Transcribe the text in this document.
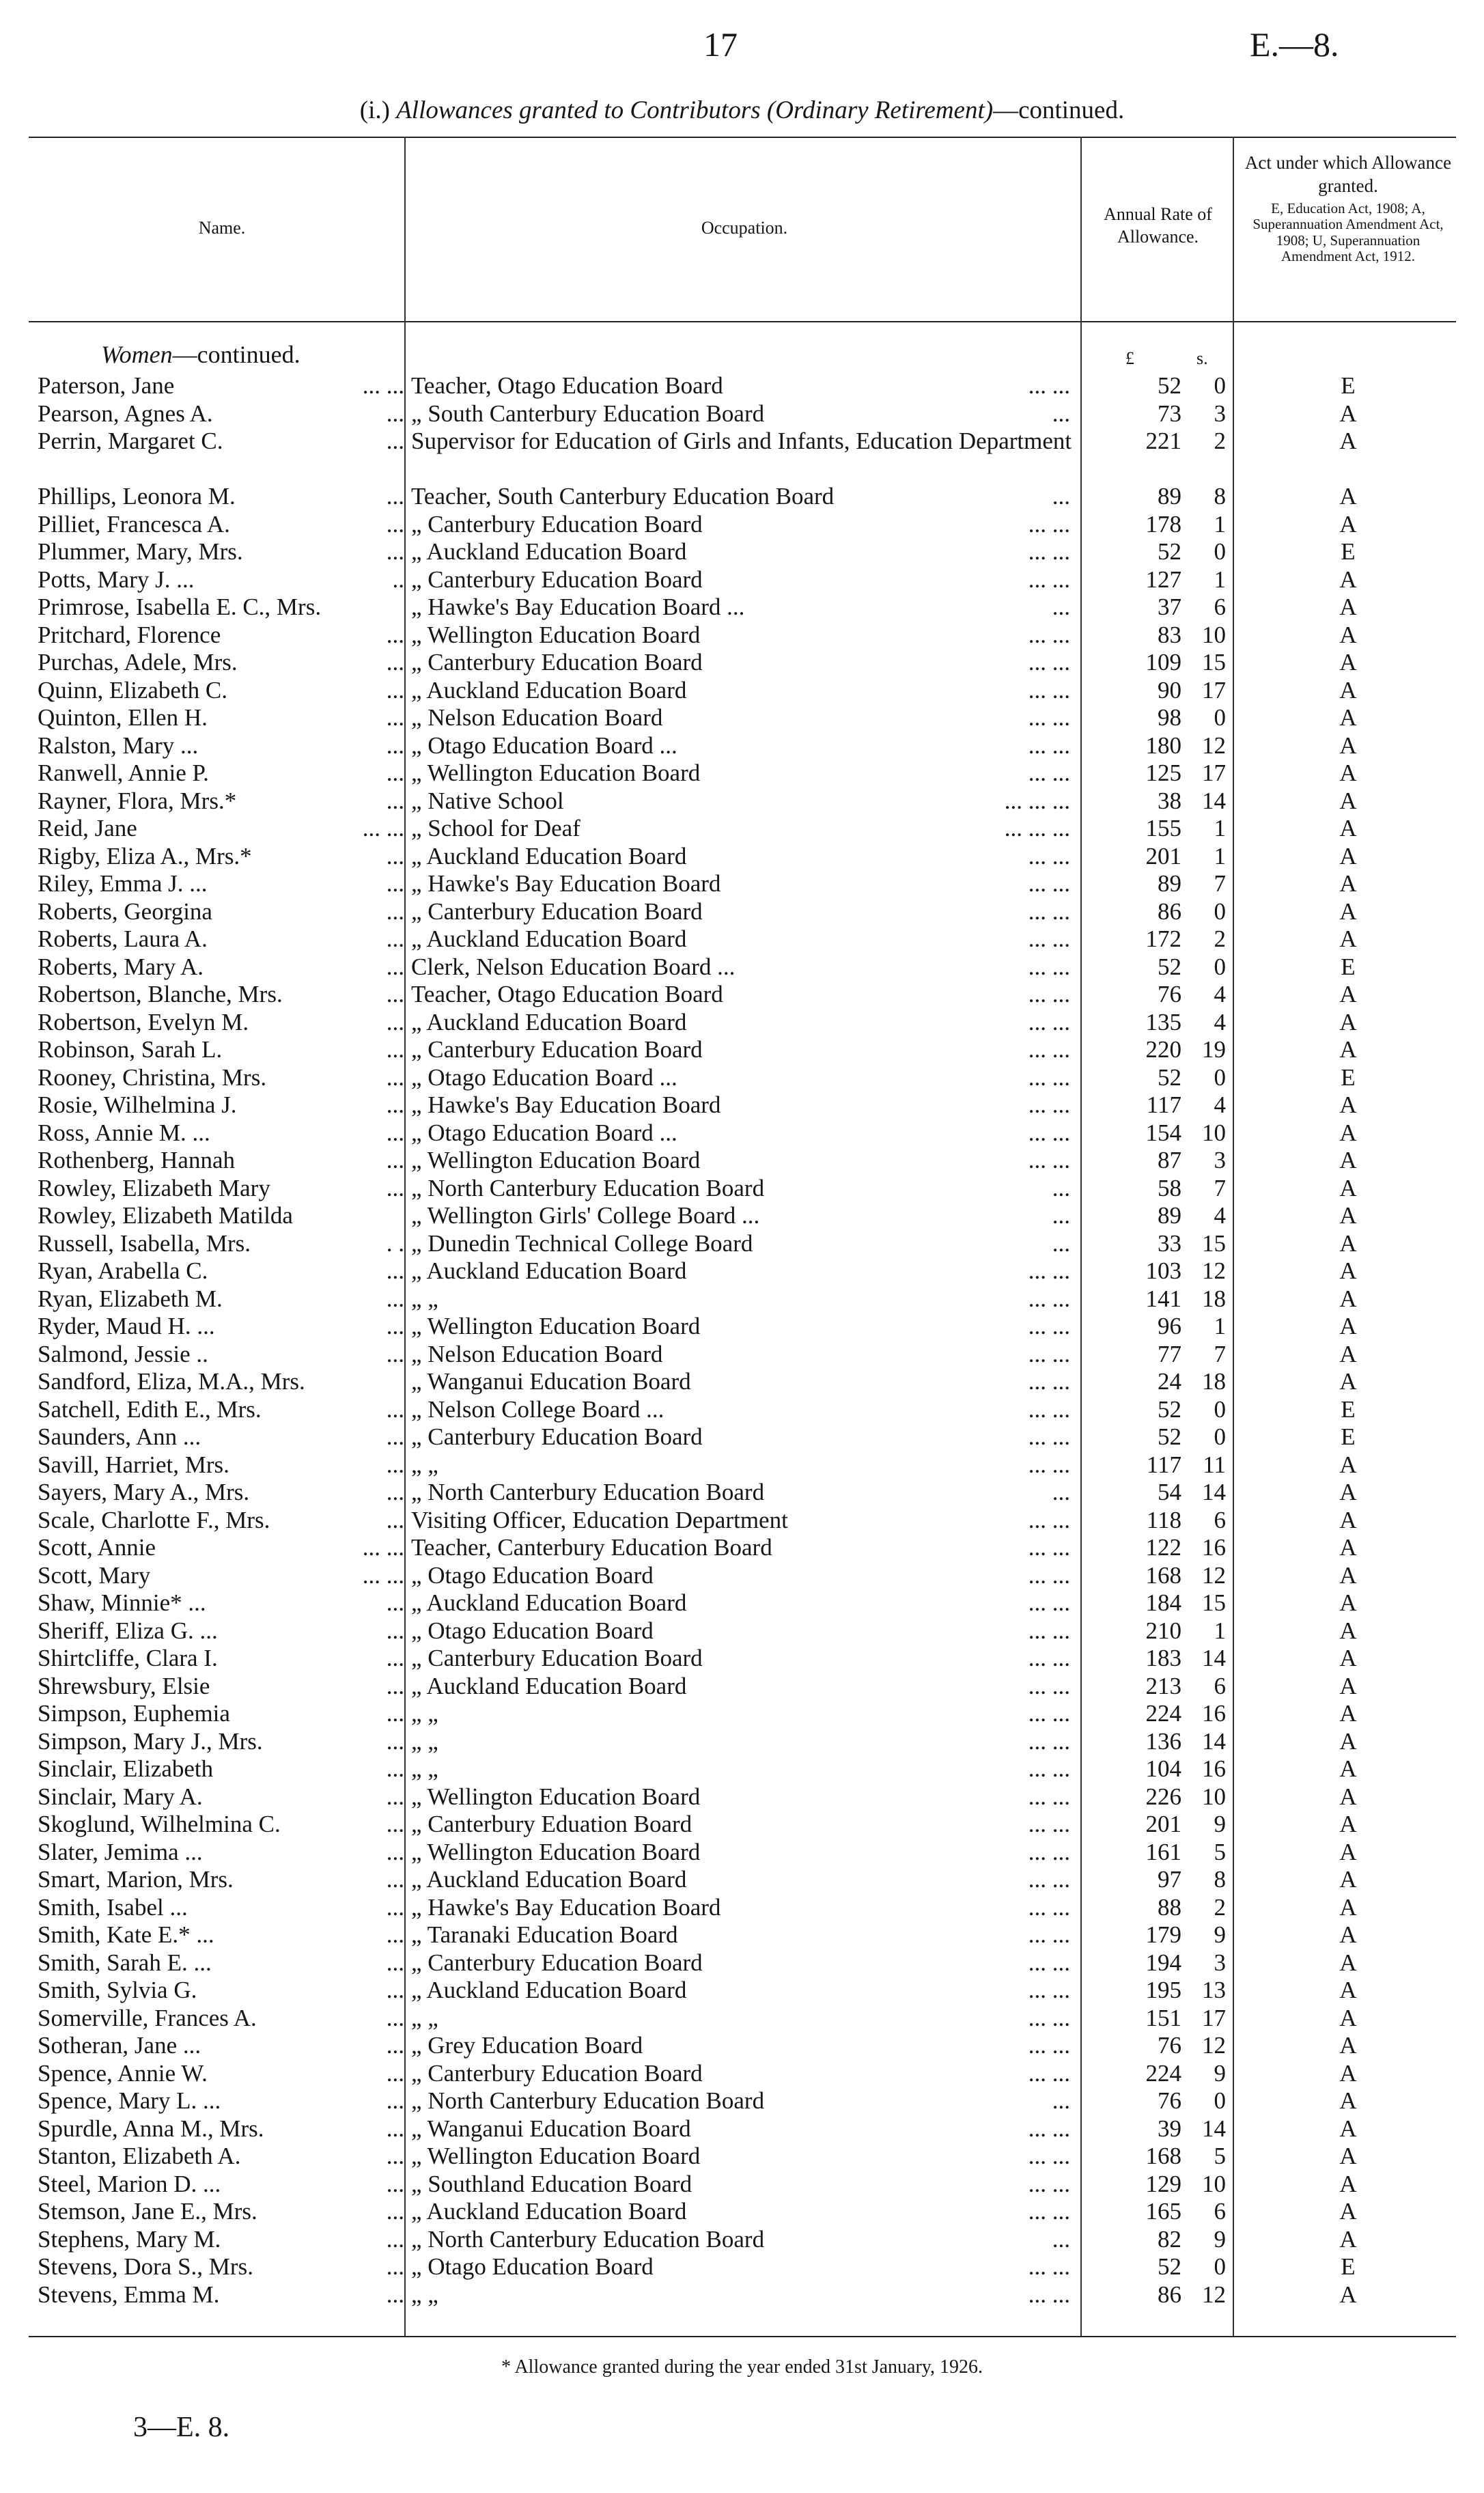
17	E.—8.
(i.) Allowances granted to Contributors (Ordinary Retirement)—continued.
Name.	Occupation.
Annual Rate of Allowance.
Act under which Allowance granted.
E, Education Act, 1908; A, Superannuation Amendment Act, 1908; U, Superannuation Amendment Act, 1912.
Women—continued.	£	s.
Paterson, Jane	... ... Teacher, Otago Education Board	... ...	52	0	E
Pearson, Agnes A.	... „ South Canterbury Education Board	...	73	3	A
Perrin, Margaret C.	... Supervisor for Education of Girls and Infants, Education Department	221	2	A
Phillips, Leonora M.	... Teacher, South Canterbury Education Board	...	89	8	A
Pilliet, Francesca A.	... „ Canterbury Education Board	... ...	178	1	A
Plummer, Mary, Mrs.	... „ Auckland Education Board	... ...	52	0	E
Potts, Mary J. ...	.. „ Canterbury Education Board	... ...	127	1	A
Primrose, Isabella E. C., Mrs.	„ Hawke's Bay Education Board ...	...	37	6	A
Pritchard, Florence	... „ Wellington Education Board	... ...	83 10	A
Purchas, Adele, Mrs.	... „ Canterbury Education Board	... ...	109 15	A
Quinn, Elizabeth C.	... „ Auckland Education Board	... ...	90 17	A
Quinton, Ellen H.	... „ Nelson Education Board	... ...	98	0	A
Ralston, Mary ...	... „ Otago Education Board ...	... ...	180 12	A
Ranwell, Annie P.	... „ Wellington Education Board	... ...	125 17	A
Rayner, Flora, Mrs.*	... „ Native School	... ... ...	38 14	A
Reid, Jane	... ... „ School for Deaf	... ... ...	155	1	A
Rigby, Eliza A., Mrs.*	... „ Auckland Education Board	... ...	201	1	A
Riley, Emma J. ...	... „ Hawke's Bay Education Board	... ...	89	7	A
Roberts, Georgina	... „ Canterbury Education Board	... ...	86	0	A
Roberts, Laura A.	... „ Auckland Education Board	... ...	172	2	A
Roberts, Mary A.	... Clerk, Nelson Education Board ...	... ...	52	0	E
Robertson, Blanche, Mrs.	... Teacher, Otago Education Board	... ...	76	4	A
Robertson, Evelyn M.	... „ Auckland Education Board	... ...	135	4	A
Robinson, Sarah L.	... „ Canterbury Education Board	... ...	220 19	A
Rooney, Christina, Mrs.	... „ Otago Education Board ...	... ...	52	0	E
Rosie, Wilhelmina J.	... „ Hawke's Bay Education Board	... ...	117	4	A
Ross, Annie M. ...	... „ Otago Education Board ...	... ...	154 10	A
Rothenberg, Hannah	... „ Wellington Education Board	... ...	87	3	A
Rowley, Elizabeth Mary	... „ North Canterbury Education Board	...	58	7	A
Rowley, Elizabeth Matilda	„ Wellington Girls' College Board ...	...	89	4	A
Russell, Isabella, Mrs.	. . „ Dunedin Technical College Board	...	33 15	A
Ryan, Arabella C.	... „ Auckland Education Board	... ...	103 12	A
Ryan, Elizabeth M.	... „ „	... ...	141 18	A
Ryder, Maud H. ...	... „ Wellington Education Board	... ...	96	1	A
Salmond, Jessie ..	... „ Nelson Education Board	... ...	77	7	A
Sandford, Eliza, M.A., Mrs.	„ Wanganui Education Board	... ...	24 18	A
Satchell, Edith E., Mrs.	... „ Nelson College Board ...	... ...	52	0	E
Saunders, Ann ...	... „ Canterbury Education Board	... ...	52	0	E
Savill, Harriet, Mrs.	... „ „	... ...	117 11	A
Sayers, Mary A., Mrs.	... „ North Canterbury Education Board	...	54 14	A
Scale, Charlotte F., Mrs.	... Visiting Officer, Education Department	... ...	118	6	A
Scott, Annie	... ... Teacher, Canterbury Education Board	... ...	122 16	A
Scott, Mary	... ... „ Otago Education Board	... ...	168 12	A
Shaw, Minnie* ...	... „ Auckland Education Board	... ...	184 15	A
Sheriff, Eliza G. ...	... „ Otago Education Board	... ...	210	1	A
Shirtcliffe, Clara I.	... „ Canterbury Education Board	... ...	183 14	A
Shrewsbury, Elsie	... „ Auckland Education Board	... ...	213	6	A
Simpson, Euphemia	... „ „	... ...	224 16	A
Simpson, Mary J., Mrs.	... „ „	... ...	136 14	A
Sinclair, Elizabeth	... „ „	... ...	104 16	A
Sinclair, Mary A.	... „ Wellington Education Board	... ...	226 10	A
Skoglund, Wilhelmina C.	... „ Canterbury Eduation Board	... ...	201	9	A
Slater, Jemima ...	... „ Wellington Education Board	... ...	161	5	A
Smart, Marion, Mrs.	... „ Auckland Education Board	... ...	97	8	A
Smith, Isabel ...	... „ Hawke's Bay Education Board	... ...	88	2	A
Smith, Kate E.* ...	... „ Taranaki Education Board	... ...	179	9	A
Smith, Sarah E. ...	... „ Canterbury Education Board	... ...	194	3	A
Smith, Sylvia G.	... „ Auckland Education Board	... ...	195 13	A
Somerville, Frances A.	... „ „	... ...	151 17	A
Sotheran, Jane ...	... „ Grey Education Board	... ...	76 12	A
Spence, Annie W.	... „ Canterbury Education Board	... ...	224	9	A
Spence, Mary L. ...	... „ North Canterbury Education Board	...	76	0	A
Spurdle, Anna M., Mrs.	... „ Wanganui Education Board	... ...	39 14	A
Stanton, Elizabeth A.	... „ Wellington Education Board	... ...	168	5	A
Steel, Marion D. ...	... „ Southland Education Board	... ...	129 10	A
Stemson, Jane E., Mrs.	... „ Auckland Education Board	... ...	165	6	A
Stephens, Mary M.	... „ North Canterbury Education Board	...	82	9	A
Stevens, Dora S., Mrs.	... „ Otago Education Board	... ...	52	0	E
Stevens, Emma M.	... „ „	... ...	86 12	A
* Allowance granted during the year ended 31st January, 1926.
3—E. 8.
